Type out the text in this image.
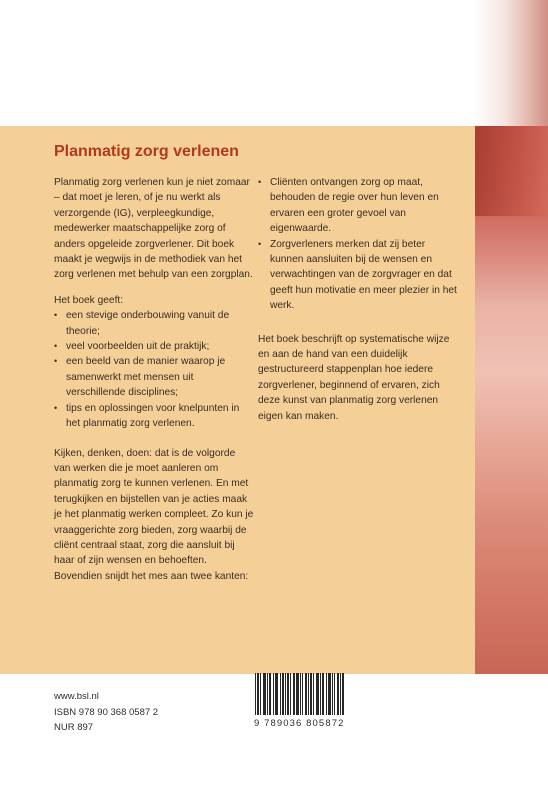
Planmatig zorg verlenen

Planmatig zorg verlenen kun je niet zomaar – dat moet je leren, of je nu werkt als verzorgende (IG), verpleegkundige, medewerker maatschappelijke zorg of anders opgeleide zorgverlener. Dit boek maakt je wegwijs in de methodiek van het zorg verlenen met behulp van een zorgplan.

Het boek geeft:

• een stevige onderbouwing vanuit de theorie;
• veel voorbeelden uit de praktijk;
• een beeld van de manier waarop je samenwerkt met mensen uit verschillende disciplines;
• tips en oplossingen voor knelpunten in het planmatig zorg verlenen.

Kijken, denken, doen: dat is de volgorde van werken die je moet aanleren om planmatig zorg te kunnen verlenen. En met terugkijken en bijstellen van je acties maak je het planmatig werken compleet. Zo kun je vraaggerichte zorg bieden, zorg waarbij de cliënt centraal staat, zorg die aansluit bij haar of zijn wensen en behoeften. Bovendien snijdt het mes aan twee kanten:

• Cliënten ontvangen zorg op maat, behouden de regie over hun leven en ervaren een groter gevoel van eigenwaarde.
• Zorgverleners merken dat zij beter kunnen aansluiten bij de wensen en verwachtingen van de zorgvrager en dat geeft hun motivatie en meer plezier in het werk.

Het boek beschrijft op systematische wijze en aan de hand van een duidelijk gestructureerd stappenplan hoe iedere zorgverlener, beginnend of ervaren, zich deze kunst van planmatig zorg verlenen eigen kan maken.

www.bsl.nl
ISBN 978 90 368 0587 2
NUR 897	9 789036 805872
